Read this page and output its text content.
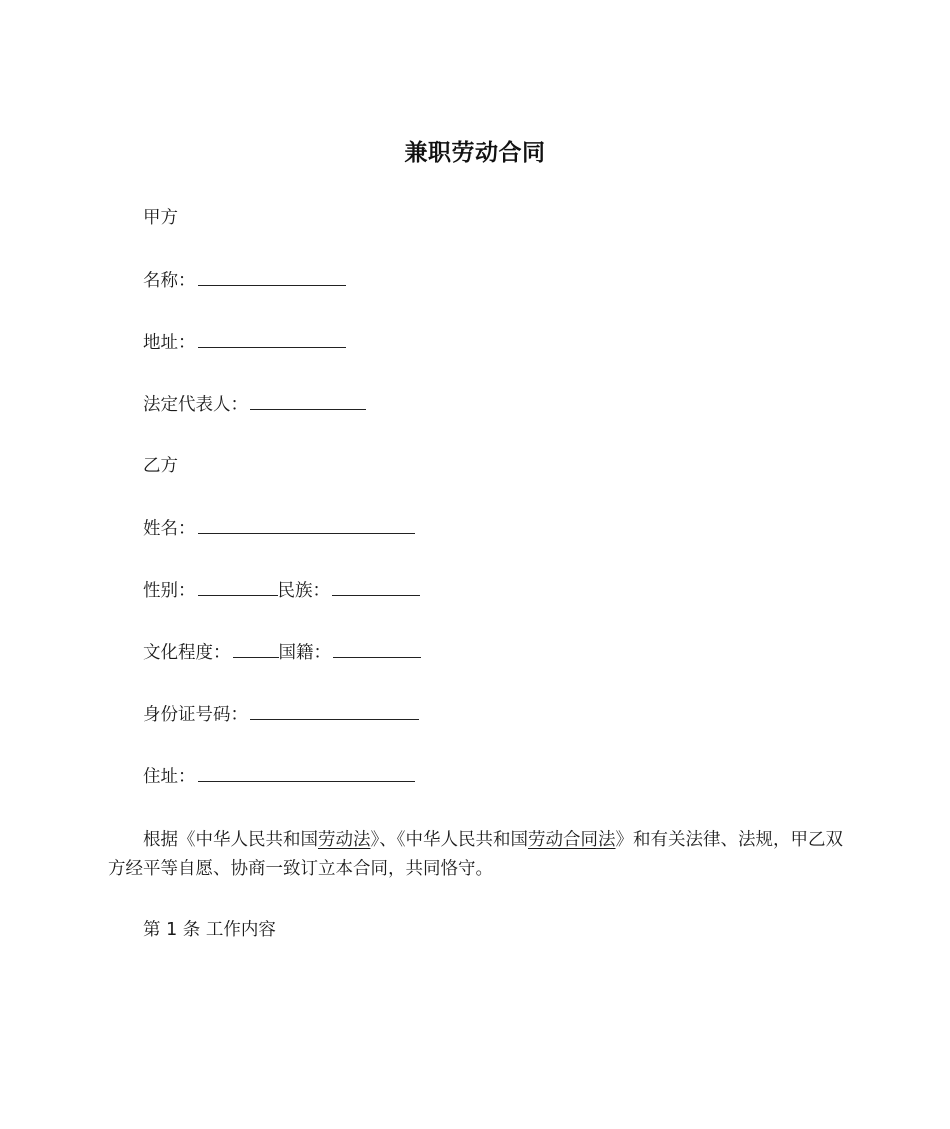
兼职劳动合同
甲方
名称：
地址：
法定代表人：
乙方
姓名：
性别：	民族：
文化程度：	国籍：
身份证号码：
住址：
根据《中华人民共和国劳动法》、《中华人民共和国劳动合同法》和有关法律、法规，甲乙双方经平等自愿、协商一致订立本合同，共同恪守。
第 1 条 工作内容
